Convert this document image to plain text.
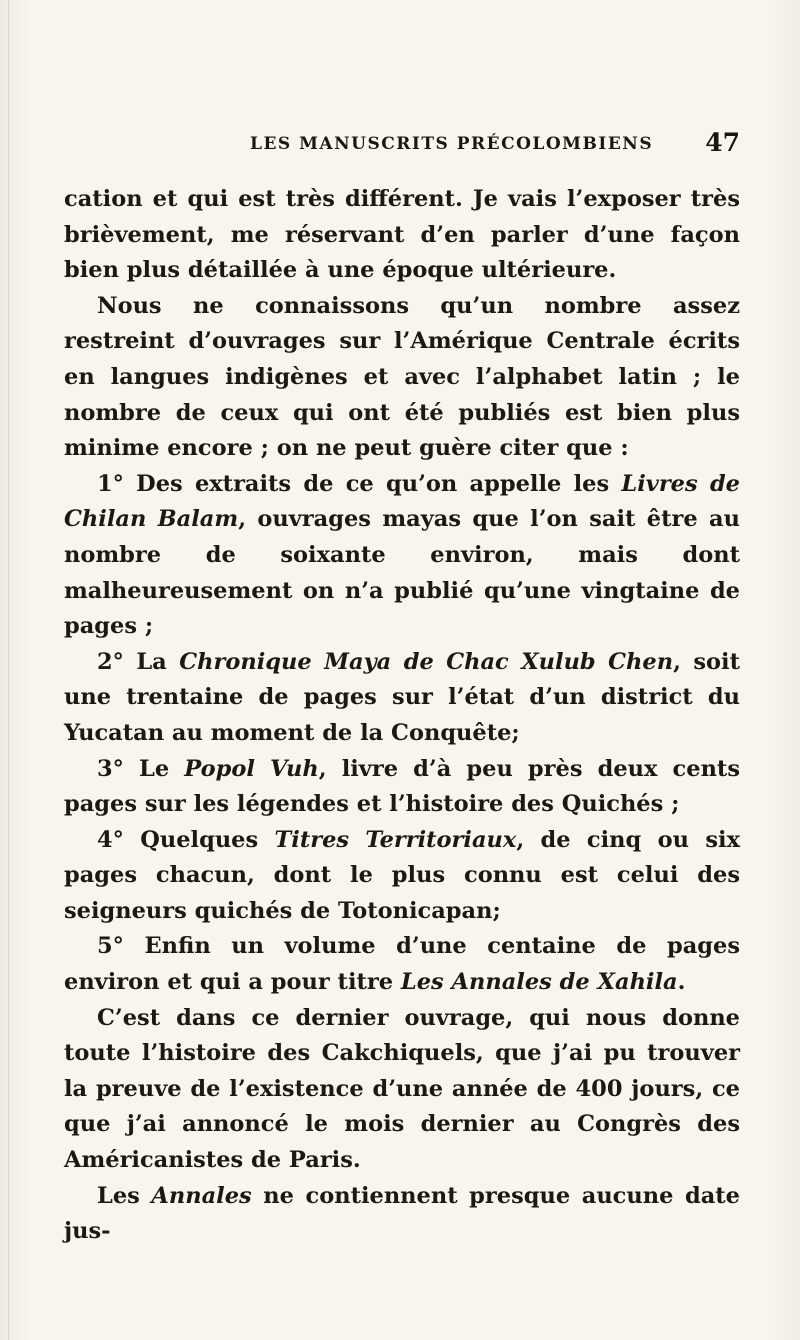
LES MANUSCRITS PRÉCOLOMBIENS 47

cation et qui est très différent. Je vais l’exposer très brièvement, me réservant d’en parler d’une façon bien plus détaillée à une époque ultérieure.

Nous ne connaissons qu’un nombre assez restreint d’ouvrages sur l’Amérique Centrale écrits en langues indigènes et avec l’alphabet latin ; le nombre de ceux qui ont été publiés est bien plus minime encore ; on ne peut guère citer que :

1° Des extraits de ce qu’on appelle les Livres de Chilan Balam, ouvrages mayas que l’on sait être au nombre de soixante environ, mais dont malheureusement on n’a publié qu’une vingtaine de pages ;

2° La Chronique Maya de Chac Xulub Chen, soit une trentaine de pages sur l’état d’un district du Yucatan au moment de la Conquête;

3° Le Popol Vuh, livre d’à peu près deux cents pages sur les légendes et l’histoire des Quichés ;

4° Quelques Titres Territoriaux, de cinq ou six pages chacun, dont le plus connu est celui des seigneurs quichés de Totonicapan;

5° Enfin un volume d’une centaine de pages environ et qui a pour titre Les Annales de Xahila.

C’est dans ce dernier ouvrage, qui nous donne toute l’histoire des Cakchiquels, que j’ai pu trouver la preuve de l’existence d’une année de 400 jours, ce que j’ai annoncé le mois dernier au Congrès des Américanistes de Paris.

Les Annales ne contiennent presque aucune date jus-
